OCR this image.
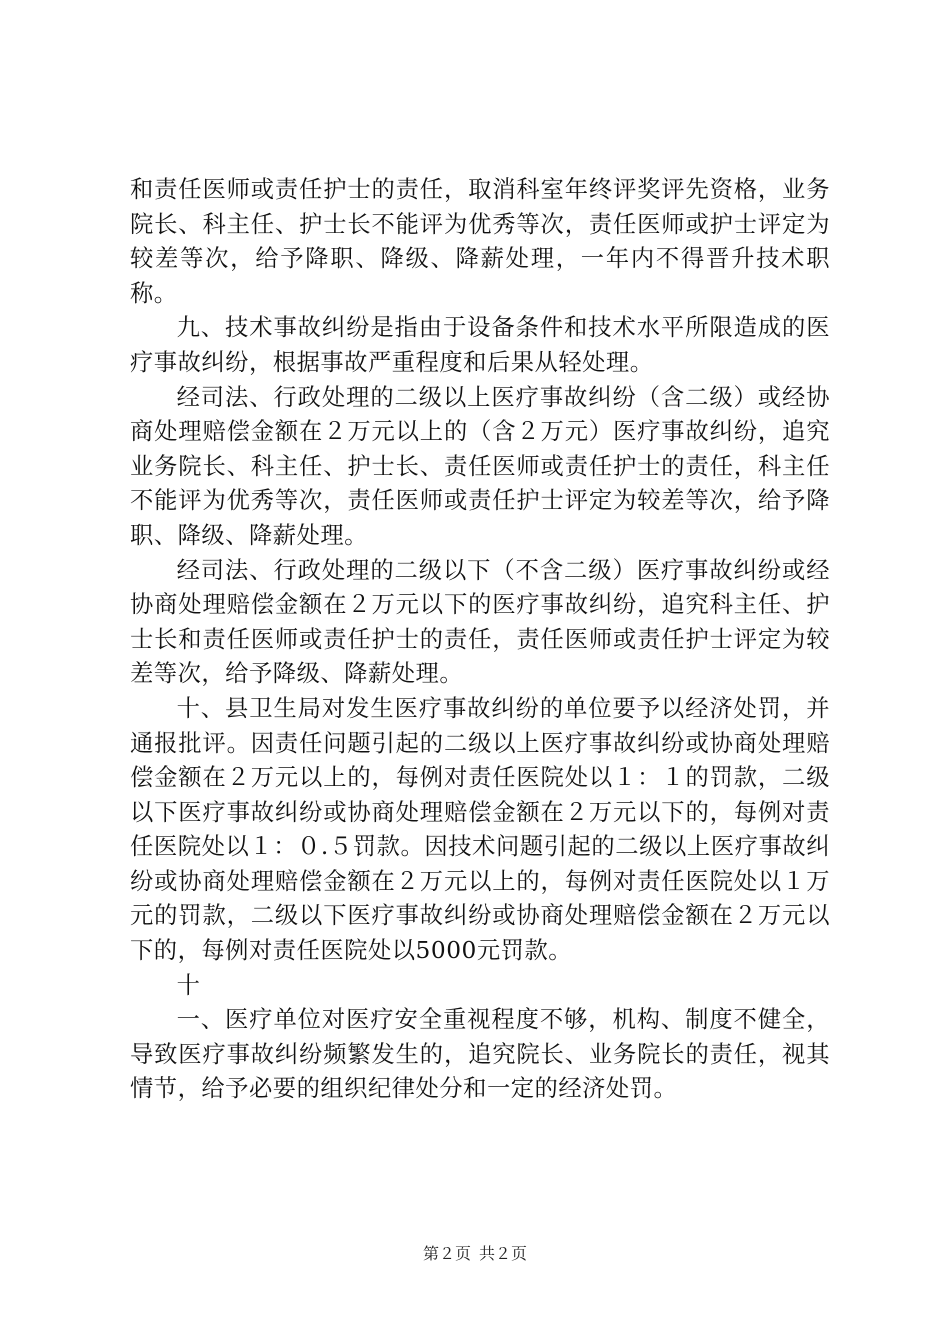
和责任医师或责任护士的责任，取消科室年终评奖评先资格，业务院长、科主任、护士长不能评为优秀等次，责任医师或护士评定为较差等次，给予降职、降级、降薪处理，一年内不得晋升技术职称。

九、技术事故纠纷是指由于设备条件和技术水平所限造成的医疗事故纠纷，根据事故严重程度和后果从轻处理。

经司法、行政处理的二级以上医疗事故纠纷（含二级）或经协商处理赔偿金额在２万元以上的（含２万元）医疗事故纠纷，追究业务院长、科主任、护士长、责任医师或责任护士的责任，科主任不能评为优秀等次，责任医师或责任护士评定为较差等次，给予降职、降级、降薪处理。

经司法、行政处理的二级以下（不含二级）医疗事故纠纷或经协商处理赔偿金额在２万元以下的医疗事故纠纷，追究科主任、护士长和责任医师或责任护士的责任，责任医师或责任护士评定为较差等次，给予降级、降薪处理。

十、县卫生局对发生医疗事故纠纷的单位要予以经济处罚，并通报批评。因责任问题引起的二级以上医疗事故纠纷或协商处理赔偿金额在２万元以上的，每例对责任医院处以１：１的罚款，二级以下医疗事故纠纷或协商处理赔偿金额在２万元以下的，每例对责任医院处以１：０.５罚款。因技术问题引起的二级以上医疗事故纠纷或协商处理赔偿金额在２万元以上的，每例对责任医院处以１万元的罚款，二级以下医疗事故纠纷或协商处理赔偿金额在２万元以下的，每例对责任医院处以5000元罚款。

十

一、医疗单位对医疗安全重视程度不够，机构、制度不健全，导致医疗事故纠纷频繁发生的，追究院长、业务院长的责任，视其情节，给予必要的组织纪律处分和一定的经济处罚。

第２页 共２页
